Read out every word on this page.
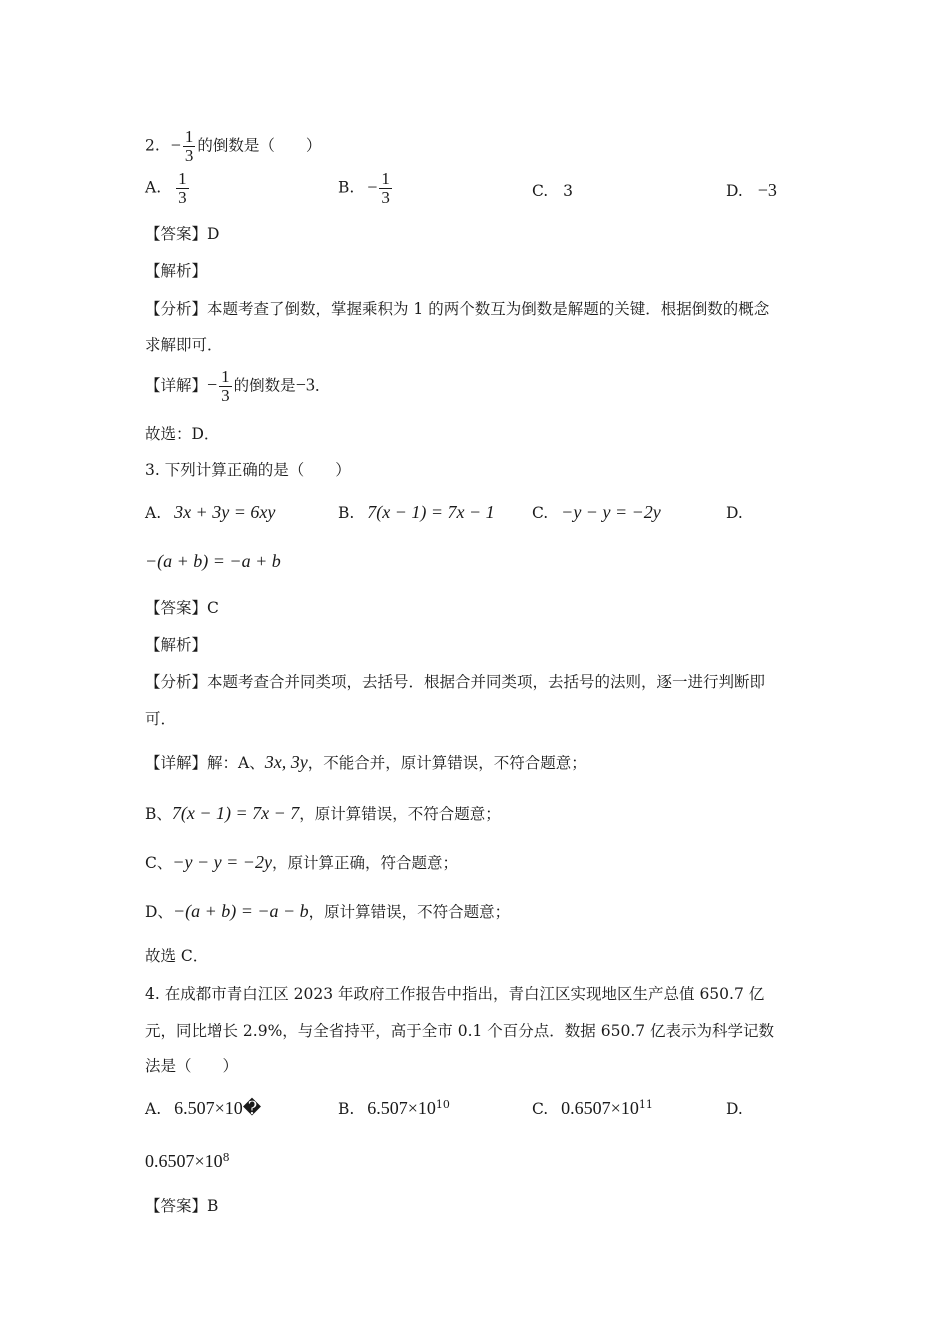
2. − $\frac{1}{3}$ 的倒数是（　　）
A. $\frac{1}{3}$	B. − $\frac{1}{3}$	C. 3	D. −3
【答案】D
【解析】
【分析】本题考查了倒数，掌握乘积为 1 的两个数互为倒数是解题的关键．根据倒数的概念
求解即可．
【详解】− $\frac{1}{3}$ 的倒数是−3．
故选：D．
3. 下列计算正确的是（　　）
A. 3x + 3y = 6xy	B. 7(x − 1) = 7x − 1 C. −y − y = −2y	D.
−(a + b) = −a + b
【答案】C
【解析】
【分析】本题考查合并同类项，去括号．根据合并同类项，去括号的法则，逐一进行判断即
可．
【详解】解：A、3x, 3y，不能合并，原计算错误，不符合题意；
B、7(x − 1) = 7x − 7，原计算错误，不符合题意；
C、−y − y = −2y，原计算正确，符合题意；
D、−(a + b) = −a − b，原计算错误，不符合题意；
故选 C．
4. 在成都市青白江区 2023 年政府工作报告中指出，青白江区实现地区生产总值 650.7 亿
元，同比增长 2.9%，与全省持平，高于全市 0.1 个百分点．数据 650.7 亿表示为科学记数
法是（　　）
A. 6.507×10�	B. $6.507\times 10^{10}$	C. $0.6507\times 10^{11}$	D.
$0.6507\times 10^8$
【答案】B
